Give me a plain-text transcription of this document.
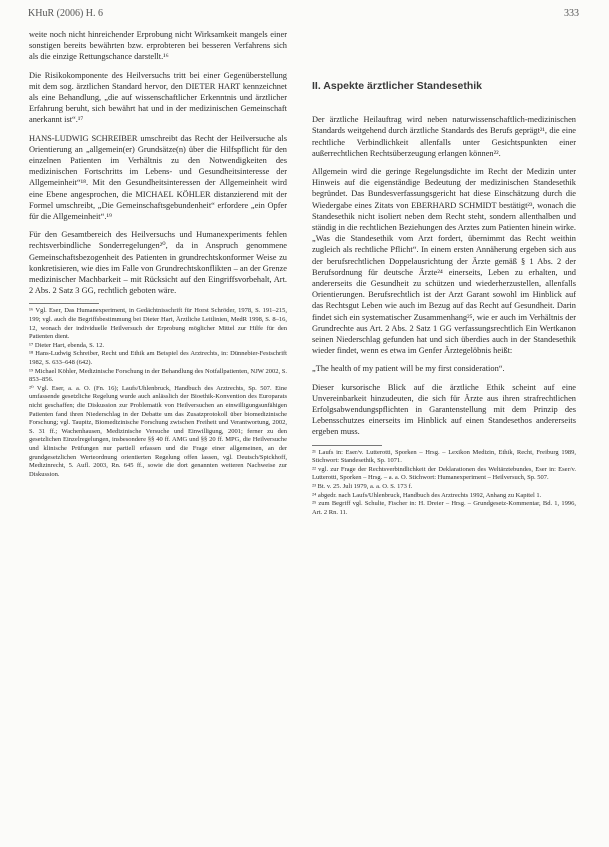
KHuR (2006) H. 6	333

weite noch nicht hinreichender Erprobung nicht Wirksamkeit mangels einer sonstigen bereits bewährten bzw. erprobteren bei besseren Verfahrens sich als die einzige Rettungschance darstellt.¹⁶

Die Risikokomponente des Heilversuchs tritt bei einer Gegenüberstellung mit dem sog. ärztlichen Standard hervor, den DIETER HART kennzeichnet als eine Behandlung, „die auf wissenschaftlicher Erkenntnis und ärztlicher Erfahrung beruht, sich bewährt hat und in der medizinischen Gemeinschaft anerkannt ist“.¹⁷

HANS-LUDWIG SCHREIBER umschreibt das Recht der Heilversuche als Orientierung an „allgemein(er) Grundsätze(n) über die Hilfspflicht für den einzelnen Patienten im Verhältnis zu den Notwendigkeiten des medizinischen Fortschritts im Lebens- und Gesundheitsinteresse der Allgemeinheit“¹⁸. Mit den Gesundheitsinteressen der Allgemeinheit wird eine Ebene angesprochen, die MICHAEL KÖHLER distanzierend mit der Formel umschreibt, „Die Gemeinschaftsgebundenheit“ erfordere „ein Opfer für die Allgemeinheit“.¹⁹

Für den Gesamtbereich des Heilversuchs und Humanexperiments fehlen rechtsverbindliche Sonderregelungen²⁰, da in Anspruch genommene Gemeinschaftsbezogenheit des Patienten in grundrechtskonformer Weise zu konkretisieren, wie dies im Falle von Grundrechtskonflikten – an der Grenze medizinischer Machbarkeit – mit Rücksicht auf den Eingriffsvorbehalt, Art. 2 Abs. 2 Satz 3 GG, rechtlich geboten wäre.

¹⁶ Vgl. Eser, Das Humanexperiment, in Gedächtnisschrift für Horst Schröder, 1978, S. 191–215, 199; vgl. auch die Begriffsbestimmung bei Dieter Hart, Ärztliche Leitlinien, MedR 1998, S. 8–16, 12, wonach der individuelle Heilversuch der Erprobung möglicher Mittel zur Hilfe für den Patienten dient.

¹⁷ Dieter Hart, ebenda, S. 12.

¹⁸ Hans-Ludwig Schreiber, Recht und Ethik am Beispiel des Arztrechts, in: Dünnebier-Festschrift 1982, S. 633–648 (642).

¹⁹ Michael Köhler, Medizinische Forschung in der Behandlung des Notfallpatienten, NJW 2002, S. 853–856.

²⁰ Vgl. Eser, a. a. O. (Fn. 16); Laufs/Uhlenbruck, Handbuch des Arztrechts, Sp. 507. Eine umfassende gesetzliche Regelung wurde auch anlässlich der Bioethik-Konvention des Europarats nicht geschaffen; die Diskussion zur Problematik von Heilversuchen an einwilligungsunfähigen Patienten fand ihren Niederschlag in der Debatte um das Zusatzprotokoll über biomedizinische Forschung; vgl. Taupitz, Biomedizinische Forschung zwischen Freiheit und Verantwortung, 2002, S. 31 ff.; Wachenhausen, Medizinische Versuche und Einwilligung, 2001; ferner zu den gesetzlichen Einzelregelungen, insbesondere §§ 40 ff. AMG und §§ 20 ff. MPG, die Heilversuche und klinische Prüfungen nur partiell erfassen und die Frage einer allgemeinen, an der grundgesetzlichen Werteordnung orientierten Regelung offen lassen, vgl. Deutsch/Spickhoff, Medizinrecht, 5. Aufl. 2003, Rn. 645 ff., sowie die dort genannten weiteren Nachweise zur Diskussion.

II. Aspekte ärztlicher Standesethik

Der ärztliche Heilauftrag wird neben naturwissenschaftlich-medizinischen Standards weitgehend durch ärztliche Standards des Berufs geprägt²¹, die eine rechtliche Verbindlichkeit allenfalls unter Gesichtspunkten einer außerrechtlichen Rechtsüberzeugung erlangen können²².

Allgemein wird die geringe Regelungsdichte im Recht der Medizin unter Hinweis auf die eigenständige Bedeutung der medizinischen Standesethik begründet. Das Bundesverfassungsgericht hat diese Einschätzung durch die Wiedergabe eines Zitats von EBERHARD SCHMIDT bestätigt²³, wonach die Standesethik nicht isoliert neben dem Recht steht, sondern allenthalben und ständig in die rechtlichen Beziehungen des Arztes zum Patienten hinein wirke. „Was die Standesethik vom Arzt fordert, übernimmt das Recht weithin zugleich als rechtliche Pflicht“. In einem ersten Annäherung ergeben sich aus der berufsrechtlichen Doppelausrichtung der Ärzte gemäß § 1 Abs. 2 der Berufsordnung für deutsche Ärzte²⁴ einerseits, Leben zu erhalten, und andererseits die Gesundheit zu schützen und wiederherzustellen, allenfalls Orientierungen. Berufsrechtlich ist der Arzt Garant sowohl im Hinblick auf das Rechtsgut Leben wie auch im Bezug auf das Recht auf Gesundheit. Darin findet sich ein systematischer Zusammenhang²⁵, wie er auch im Verhältnis der Grundrechte aus Art. 2 Abs. 2 Satz 1 GG verfassungsrechtlich Ein Wertkanon seinen Niederschlag gefunden hat und sich überdies auch in der Standesethik wieder findet, wenn es etwa im Genfer Ärztegelöbnis heißt:

„The health of my patient will be my first consideration“.

Dieser kursorische Blick auf die ärztliche Ethik scheint auf eine Unvereinbarkeit hinzudeuten, die sich für Ärzte aus ihren strafrechtlichen Erfolgsabwendungspflichten in Garantenstellung mit dem Prinzip des Lebensschutzes einerseits im Hinblick auf einen Standesethos andererseits ergeben muss.

²¹ Laufs in: Eser/v. Lutterotti, Sporken – Hrsg. – Lexikon Medizin, Ethik, Recht, Freiburg 1989, Stichwort: Standesethik, Sp. 1071.

²² vgl. zur Frage der Rechtsverbindlichkeit der Deklarationen des Weltärztebundes, Eser in: Eser/v. Lutterotti, Sporken – Hrsg. – a. a. O. Stichwort: Humanexperiment – Heilversuch, Sp. 507.

²³ Bt. v. 25. Juli 1979, a. a. O. S. 173 f.

²⁴ abgedr. nach Laufs/Uhlenbruck, Handbuch des Arztrechts 1992, Anhang zu Kapitel 1.

²⁵ zum Begriff vgl. Schulte, Fischer in: H. Dreier – Hrsg. – Grundgesetz-Kommentar, Bd. 1, 1996, Art. 2 Rn. 11.
